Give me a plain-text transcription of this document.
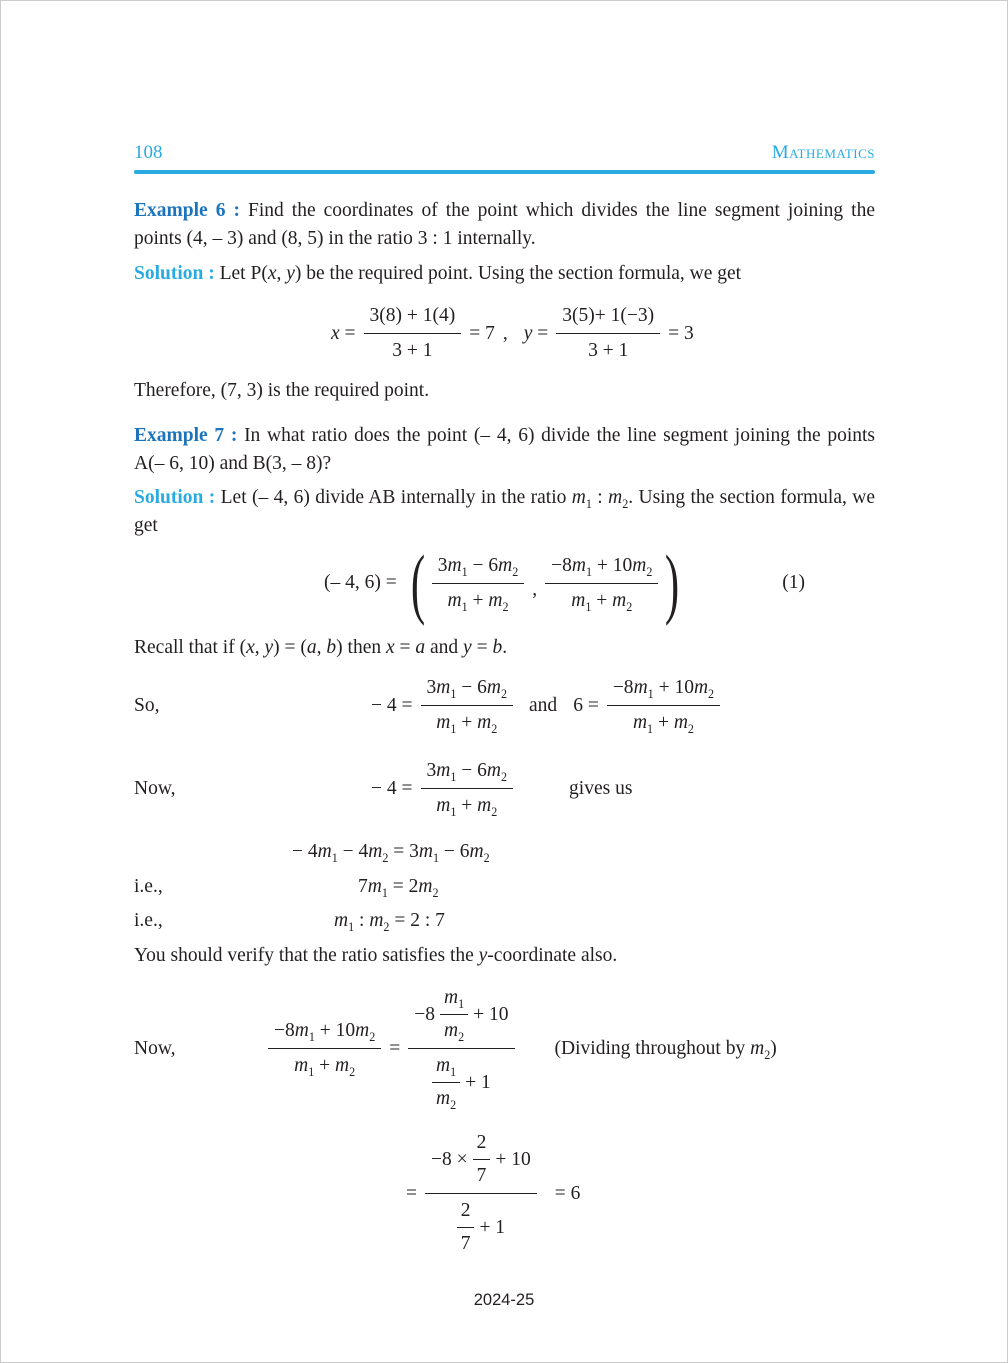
108	Mathematics

Example 6 : Find the coordinates of the point which divides the line segment joining the points (4, – 3) and (8, 5) in the ratio 3 : 1 internally.

Solution : Let P(x, y) be the required point. Using the section formula, we get

$x = \frac{3(8) + 1(4)}{3 + 1} = 7$ , $y = \frac{3(5)+ 1(-3)}{3 + 1} = 3$

Therefore, (7, 3) is the required point.

Example 7 : In what ratio does the point (– 4, 6) divide the line segment joining the points A(– 6, 10) and B(3, – 8)?

Solution : Let (– 4, 6) divide AB internally in the ratio $m_1$ : $m_2$. Using the section formula, we get

(– 4, 6) = ( $\frac{3m_1 - 6m_2}{m_1 + m_2}$ , $\frac{-8m_1 + 10m_2}{m_1 + m_2}$ )	(1)

Recall that if (x, y) = (a, b) then x = a and y = b.

So,	− $4 = \frac{3m_1 - 6m_2}{m_1 + m_2}$ and $6 = \frac{-8m_1 + 10m_2}{m_1 + m_2}$
Now,	− $4 = \frac{3m_1 - 6m_2}{m_1 + m_2}$	gives us
− $4m_1 - 4m_2 = 3m_1 - 6m_2$
i.e.,	$7m_1 = 2m_2$
i.e.,	$m_1$ : $m_2 = 2$ : 7

You should verify that the ratio satisfies the y-coordinate also.

Now,	$\frac{-8m_1 + 10m_2}{m_1 + m_2} = \frac{-8 \frac{m_1}{m_2} + 10}{\frac{m_1}{m_2} + 1}$ (Dividing throughout by $m_2$)
= $\frac{-8 \times \frac{2}{7} + 10}{\frac{2}{7} + 1} = 6$
2024-25
